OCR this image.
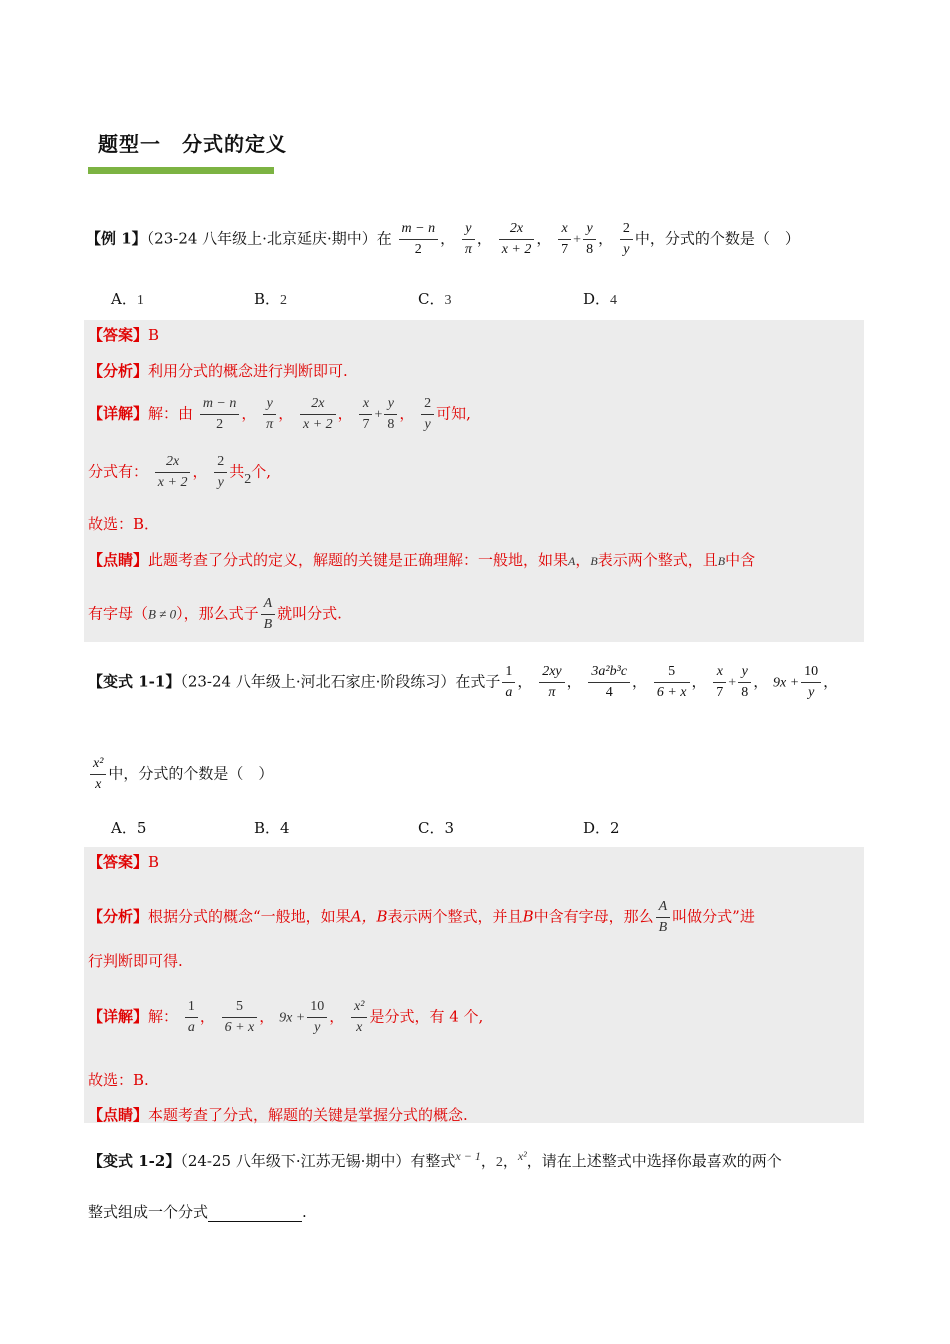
题型一　分式的定义
【例 1】（23-24 八年级上·北京延庆·期中）在 $\frac{m - n}{2}$ ， $\frac{y}{\pi}$ ， $\frac{2x}{x + 2}$ ， $\frac{x}{7} + \frac{y}{8}$ ， $\frac{2}{y}$ 中，分式的个数是（　）
A．1	B．2	C．3	D．4
【答案】B
【分析】利用分式的概念进行判断即可.
【详解】解：由 $\frac{m - n}{2}$ ， $\frac{y}{\pi}$ ， $\frac{2x}{x + 2}$ ， $\frac{x}{7} + \frac{y}{8}$ ， $\frac{2}{y}$ 可知,
分式有： $\frac{2x}{x + 2}$ ， $\frac{2}{y}$ 共2个,
故选：B．
【点睛】此题考查了分式的定义，解题的关键是正确理解：一般地，如果A，B表示两个整式，且B中含
有字母（B ≠ 0），那么式子 $\frac{A}{B}$ 就叫分式.
【变式 1-1】（23-24 八年级上·河北石家庄·阶段练习）在式子 $\frac{1}{a}$ ， $\frac{2xy}{\pi}$ ， $\frac{\text{3a²b³c}}{4}$ ， $\frac{5}{6 + x}$ ， $\frac{x}{7} + \frac{y}{8}$ ， $9x + \frac{10}{y}$ ，
$\frac{\text{x²}}{x}$ 中，分式的个数是（　）
A．5	B．4	C．3	D．2
【答案】B
【分析】根据分式的概念“一般地，如果A，B表示两个整式，并且B中含有字母，那么 $\frac{A}{B}$ 叫做分式”进
行判断即可得.
【详解】解： $\frac{1}{a}$ ， $\frac{5}{6 + x}$ ， $9x + \frac{10}{y}$ ， $\frac{\text{x²}}{x}$ 是分式，有 4 个,
故选：B.
【点睛】本题考查了分式，解题的关键是掌握分式的概念.
【变式 1-2】（24-25 八年级下·江苏无锡·期中）有整式$^{x - 1}$，2，$^{x^2}$，请在上述整式中选择你最喜欢的两个
整式组成一个分式	.
